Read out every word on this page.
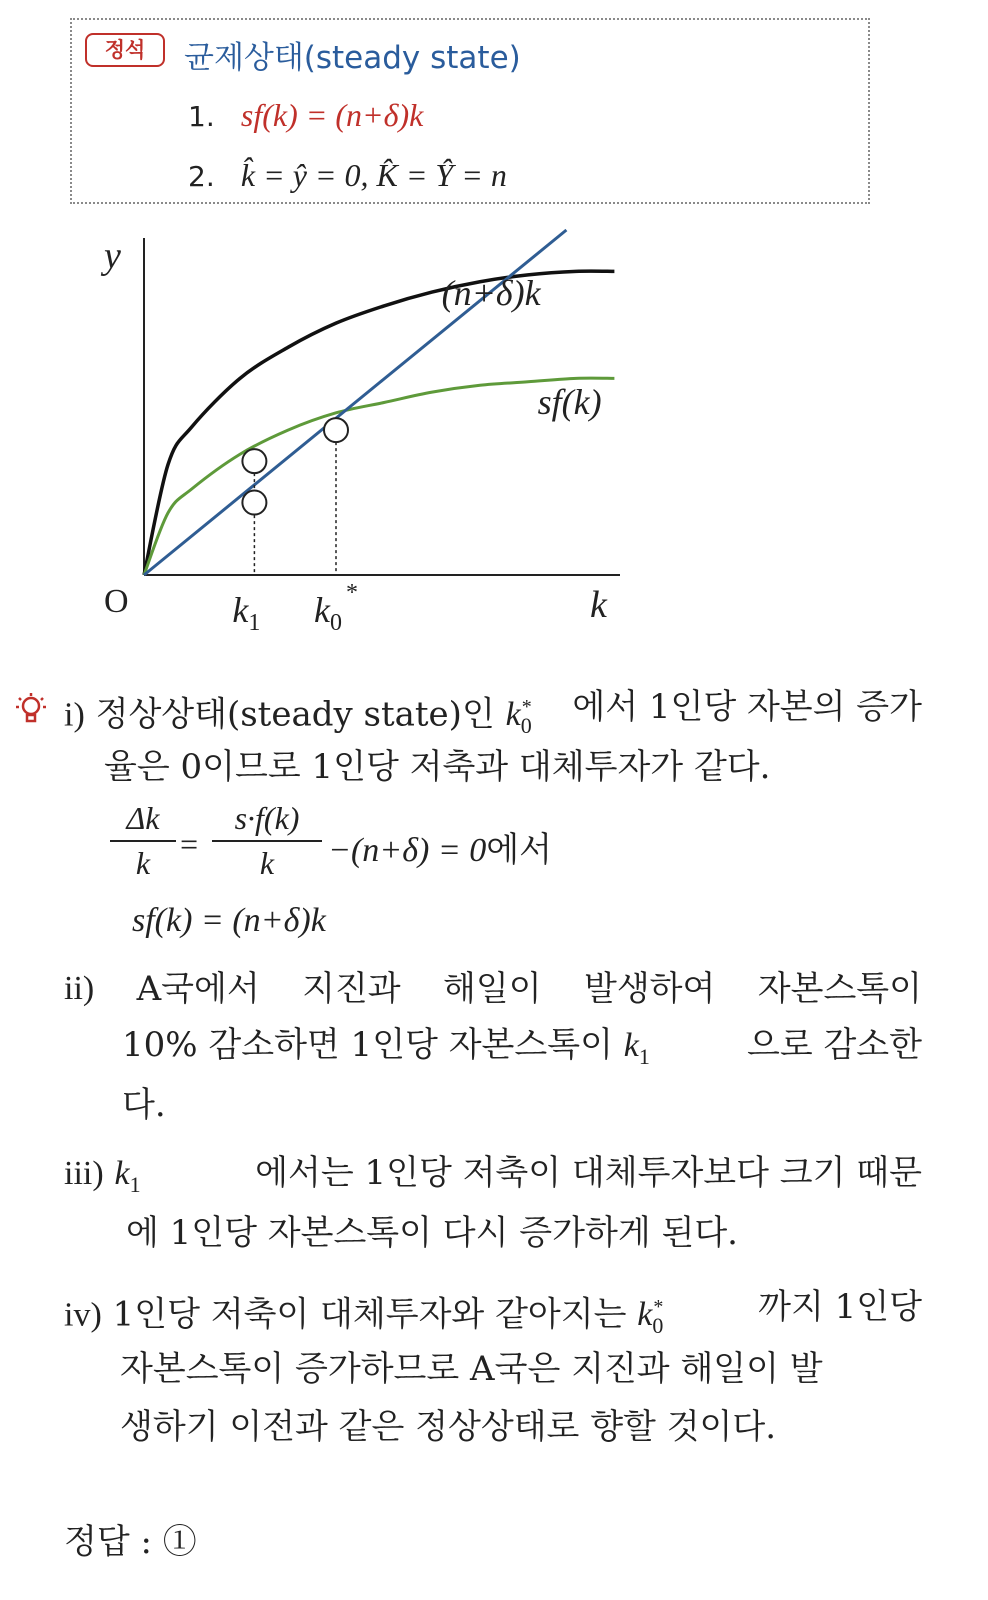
정석	균제상태(steady state)
1. sf(k) = (n+δ)k
2. k̂ = ŷ = 0, K̂ = Ŷ = n
sf(k)
(n+δ)k
$k_1$ $k_0$
*
y
k
O
i) 정상상태(steady state)인 $k_0^*$ 에서 1인당 자본의 증가
율은 0이므로 1인당 저축과 대체투자가 같다.
Δk
k
=
s·f(k)
k	−(n+δ) = 0에서
sf(k) = (n+δ)k
ii) A국에서 지진과 해일이 발생하여 자본스톡이
10% 감소하면 1인당 자본스톡이 $k_1$	으로 감소한
다.
iii) $k_1$	에서는 1인당 저축이 대체투자보다 크기 때문
에 1인당 자본스톡이 다시 증가하게 된다.
iv) 1인당 저축이 대체투자와 같아지는 $k_0^*$	까지 1인당
자본스톡이 증가하므로 A국은 지진과 해일이 발
생하기 이전과 같은 정상상태로 향할 것이다.
정답 : ①
